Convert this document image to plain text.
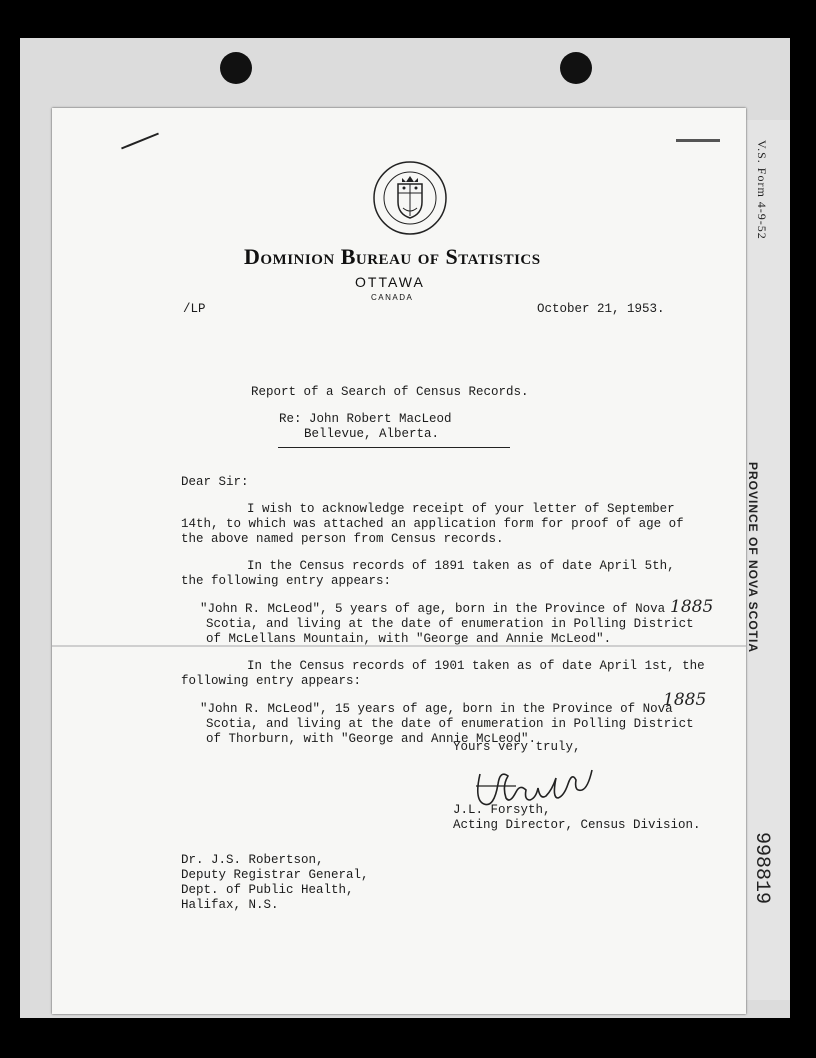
V.S. Form 4-9-52
PROVINCE OF NOVA SCOTIA
998819
Dominion Bureau of Statistics
OTTAWA
CANADA
/LP	October 21, 1953.
Report of a Search of Census Records.
Re: John Robert MacLeod
Bellevue, Alberta.
Dear Sir:
I wish to acknowledge receipt of your letter of September
14th, to which was attached an application form for proof of age of
the above named person from Census records.
In the Census records of 1891 taken as of date April 5th,
the following entry appears:
"John R. McLeod", 5 years of age, born in the Province of Nova
Scotia, and living at the date of enumeration in Polling District
of McLellans Mountain, with "George and Annie McLeod".
1885
In the Census records of 1901 taken as of date April 1st, the
following entry appears:
"John R. McLeod", 15 years of age, born in the Province of Nova
Scotia, and living at the date of enumeration in Polling District
of Thorburn, with "George and Annie McLeod".
1885
Yours very truly,
J.L. Forsyth,
Acting Director, Census Division.
Dr. J.S. Robertson,
Deputy Registrar General,
Dept. of Public Health,
Halifax, N.S.
